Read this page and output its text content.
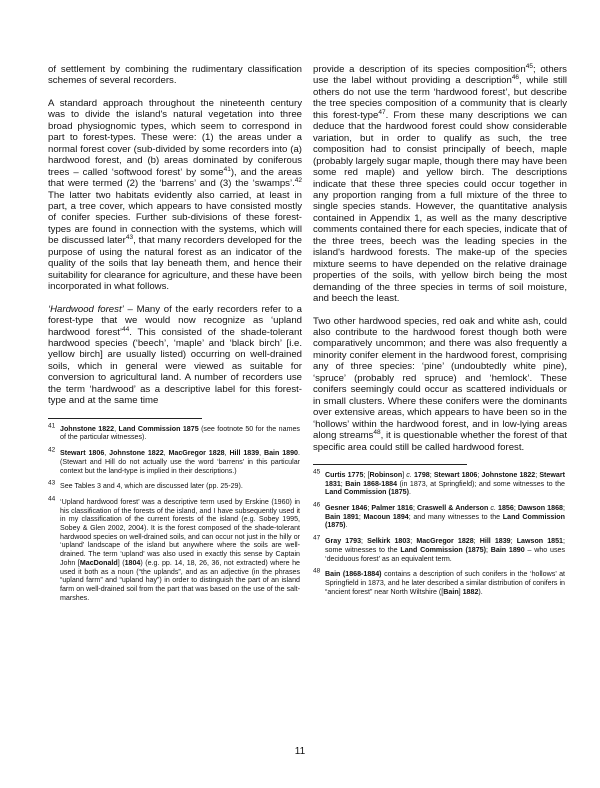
of settlement by combining the rudimentary classification schemes of several recorders.

A standard approach throughout the nineteenth century was to divide the island's natural vegetation into three broad physiognomic types, which seem to correspond in part to forest-types. These were: (1) the areas under a normal forest cover (sub-divided by some recorders into (a) hardwood forest, and (b) areas dominated by coniferous trees – called ‘softwood forest’ by some$^{41}$), and the areas that were termed (2) the ‘barrens’ and (3) the ‘swamps’.$^{42}$ The latter two habitats evidently also carried, at least in part, a tree cover, which appears to have consisted mostly of conifer species. Further sub-divisions of these forest-types are found in connection with the systems, which will be discussed later$^{43}$, that many recorders developed for the purpose of using the natural forest as an indicator of the quality of the soils that lay beneath them, and hence their suitability for clearance for agriculture, and these have been incorporated in what follows.

‘Hardwood forest’ – Many of the early recorders refer to a forest-type that we would now recognize as ‘upland hardwood forest’$^{44}$. This consisted of the shade-tolerant hardwood species (‘beech’, ‘maple’ and ‘black birch’ [i.e. yellow birch] are usually listed) occurring on well-drained soils, which in general were viewed as suitable for conversion to agricultural land. A number of recorders use the term ‘hardwood’ as a descriptive label for this forest-type and at the same time

$^{41}$ Johnstone 1822, Land Commission 1875 (see footnote 50 for the names of the particular witnesses).
$^{42}$ Stewart 1806, Johnstone 1822, MacGregor 1828, Hill 1839, Bain 1890. (Stewart and Hill do not actually use the word ‘barrens’ in this particular context but the land-type is implied in their descriptions.)
$^{43}$ See Tables 3 and 4, which are discussed later (pp. 25-29).
$^{44}$ ‘Upland hardwood forest’ was a descriptive term used by Erskine (1960) in his classification of the forests of the island, and I have subsequently used it in my classification of the current forests of the island (e.g. Sobey 1995, Sobey & Glen 2002, 2004). It is the forest composed of the shade-tolerant hardwood species on well-drained soils, and can occur not just in the hilly or ‘upland’ landscape of the island but anywhere where the soils are well-drained. The term ‘upland’ was also used in exactly this sense by Captain John [MacDonald] (1804) (e.g. pp. 14, 18, 26, 36, not extracted) where he used it both as a noun (“the uplands”, and as an adjective (in the phrases “upland farm” and “upland hay”) in order to distinguish the part of an island farm on well-drained soil from the part that was based on the use of the salt-marshes.

provide a description of its species composition$^{45}$; others use the label without providing a description$^{46}$, while still others do not use the term ‘hardwood forest’, but describe the tree species composition of a community that is clearly this forest-type$^{47}$. From these many descriptions we can deduce that the hardwood forest could show considerable variation, but in order to qualify as such, the tree composition had to consist principally of beech, maple (probably largely sugar maple, though there may have been some red maple) and yellow birch. The descriptions indicate that these three species could occur together in any proportion ranging from a full mixture of the three to single species stands. However, the quantitative analysis contained in Appendix 1, as well as the many descriptive comments contained there for each species, indicate that of the three trees, beech was the leading species in the island's hardwood forests. The make-up of the species mixture seems to have depended on the relative drainage properties of the soils, with yellow birch being the most demanding of the three species in terms of soil moisture, and beech the least.

Two other hardwood species, red oak and white ash, could also contribute to the hardwood forest though both were comparatively uncommon; and there was also frequently a minority conifer element in the hardwood forest, comprising any of three species: ‘pine’ (undoubtedly white pine), ‘spruce’ (probably red spruce) and ‘hemlock’. These conifers seemingly could occur as scattered individuals or in small clusters. Where these conifers were the dominants over extensive areas, which appears to have been so in the ‘hollows’ within the hardwood forest, and in low-lying areas along streams$^{48}$, it is questionable whether the forest of that specific area could still be called hardwood forest.

$^{45}$ Curtis 1775; [Robinson] c. 1798; Stewart 1806; Johnstone 1822; Stewart 1831; Bain 1868-1884 (in 1873, at Springfield); and some witnesses to the Land Commission (1875).
$^{46}$ Gesner 1846; Palmer 1816; Craswell & Anderson c. 1856; Dawson 1868; Bain 1891; Macoun 1894; and many witnesses to the Land Commission (1875).
$^{47}$ Gray 1793; Selkirk 1803; MacGregor 1828; Hill 1839; Lawson 1851; some witnesses to the Land Commission (1875); Bain 1890 – who uses ‘deciduous forest’ as an equivalent term.
$^{48}$ Bain (1868-1884) contains a description of such conifers in the ‘hollows’ at Springfield in 1873, and he later described a similar distribution of conifers in “ancient forest” near North Wiltshire ([Bain] 1882).
11
